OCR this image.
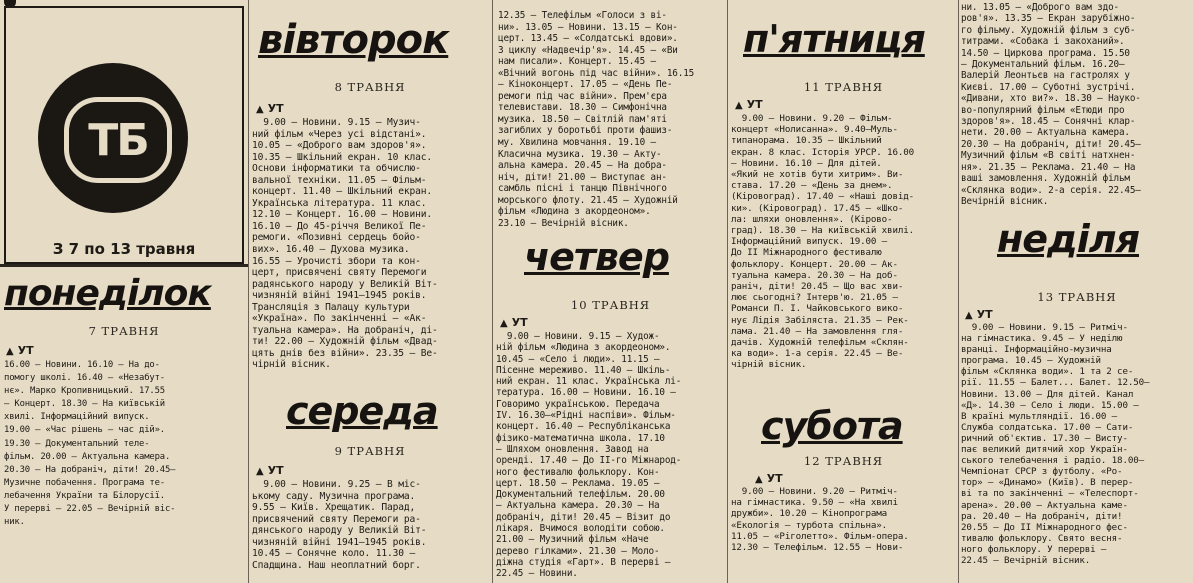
ТБ
З 7 по 13 травня
понеділок
7 ТРАВНЯ
▲ УТ
16.00 — Новини. 16.10 — На до-
помогу школі. 16.40 — «Незабут-
нє». Марко Кропивницький. 17.55
— Концерт. 18.30 — На київській
хвилі. Інформаційний випуск.
19.00 — «Час рішень — час дій».
19.30 — Документальний теле-
фільм. 20.00 — Актуальна камера.
20.30 — На добраніч, діти! 20.45—
Музичне побачення. Програма те-
лебачення України та Білорусії.
У перерві — 22.05 — Вечірній віс-
ник.
вівторок
8 ТРАВНЯ
▲ УТ
9.00 — Новини. 9.15 — Музич-
ний фільм «Через усі відстані».
10.05 — «Доброго вам здоров'я».
10.35 — Шкільний екран. 10 клас.
Основи інформатики та обчислю-
вальної техніки. 11.05 — Фільм-
концерт. 11.40 — Шкільний екран.
Українська література. 11 клас.
12.10 — Концерт. 16.00 — Новини.
16.10 — До 45-річчя Великої Пе-
ремоги. «Позивні сердець бойо-
вих». 16.40 — Духова музика.
16.55 — Урочисті збори та кон-
церт, присвячені святу Перемоги
радянського народу у Великій Віт-
чизняній війні 1941—1945 років.
Трансляція з Палацу культури
«Україна». По закінченні — «Ак-
туальна камера». На добраніч, ді-
ти! 22.00 — Художній фільм «Двад-
цять днів без війни». 23.35 — Ве-
чірній вісник.
середа
9 ТРАВНЯ
▲ УТ
9.00 — Новини. 9.25 — В міс-
ькому саду. Музична програма.
9.55 — Київ. Хрещатик. Парад,
присвячений святу Перемоги ра-
дянського народу у Великій Віт-
чизняній війні 1941—1945 років.
10.45 — Сонячне коло. 11.30 —
Спадщина. Наш неоплатний борг.
12.35 — Телефільм «Голоси з ві-
ни». 13.05 — Новини. 13.15 — Кон-
церт. 13.45 — «Солдатські вдови».
З циклу «Надвечір'я». 14.45 — «Ви
нам писали». Концерт. 15.45 —
«Вічний вогонь під час війни». 16.15
— Кіноконцерт. 17.05 — «День Пе-
ремоги під час війни». Прем'єра
телевистави. 18.30 — Симфонічна
музика. 18.50 — Світлій пам'яті
загиблих у боротьбі проти фашиз-
му. Хвилина мовчання. 19.10 —
Класична музика. 19.30 — Акту-
альна камера. 20.45 — На добра-
ніч, діти! 21.00 — Виступає ан-
самбль пісні і танцю Північного
морського флоту. 21.45 — Художній
фільм «Людина з акордеоном».
23.10 — Вечірній вісник.
четвер
10 ТРАВНЯ
▲ УТ
9.00 — Новини. 9.15 — Худож-
ній фільм «Людина з акордеоном».
10.45 — «Село і люди». 11.15 —
Пісенне мереживо. 11.40 — Шкіль-
ний екран. 11 клас. Українська лі-
тература. 16.00 — Новини. 16.10 —
Говоримо українською. Передача
IV. 16.30—«Рідні наспіви». Фільм-
концерт. 16.40 — Республіканська
фізико-математична школа. 17.10
— Шляхом оновлення. Завод на
оренді. 17.40 — До ІІ-го Міжнарод-
ного фестивалю фольклору. Кон-
церт. 18.50 — Реклама. 19.05 —
Документальний телефільм. 20.00
— Актуальна камера. 20.30 — На
добраніч, діти! 20.45 — Візит до
лікаря. Вчимося володіти собою.
21.00 — Музичний фільм «Наче
дерево гілками». 21.30 — Моло-
діжна студія «Гарт». В перерві —
22.45 — Новини.
п'ятниця
11 ТРАВНЯ
▲ УТ
9.00 — Новини. 9.20 — Фільм-
концерт «Нолисанна». 9.40—Муль-
типанорама. 10.35 — Шкільний
екран. 8 клас. Історія УРСР. 16.00
— Новини. 16.10 — Для дітей.
«Який не хотів бути хитрим». Ви-
става. 17.20 — «День за днем».
(Кіровоград). 17.40 — «Наші довід-
ки». (Кіровоград). 17.45 — «Шко-
ла: шляхи оновлення». (Кірово-
град). 18.30 — На київській хвилі.
Інформаційний випуск. 19.00 —
До ІІ Міжнародного фестивалю
фольклору. Концерт. 20.00 — Ак-
туальна камера. 20.30 — На доб-
раніч, діти! 20.45 — Що вас хви-
лює сьогодні? Інтерв'ю. 21.05 —
Романси П. І. Чайковського вико-
нує Лідія Забіляста. 21.35 — Рек-
лама. 21.40 — На замовлення гля-
дачів. Художній телефільм «Склян-
ка води». 1-а серія. 22.45 — Ве-
чірній вісник.
субота
12 ТРАВНЯ
▲ УТ
9.00 — Новини. 9.20 — Ритміч-
на гімнастика. 9.50 — «На хвилі
дружби». 10.20 — Кінопрограма
«Екологія — турбота спільна».
11.05 — «Ріголетто». Фільм-опера.
12.30 — Телефільм. 12.55 — Нови-
ни. 13.05 — «Доброго вам здо-
ров'я». 13.35 — Екран зарубіжно-
го фільму. Художній фільм з суб-
титрами. «Собака і закоханий».
14.50 — Циркова програма. 15.50
— Документальний фільм. 16.20—
Валерій Леонтьєв на гастролях у
Києві. 17.00 — Суботні зустрічі.
«Дивани, хто ви?». 18.30 — Науко-
во-популярний фільм «Етюди про
здоров'я». 18.45 — Сонячні клар-
нети. 20.00 — Актуальна камера.
20.30 — На добраніч, діти! 20.45—
Музичний фільм «В світі натхнен-
ня». 21.35 — Реклама. 21.40 — На
ваші замовлення. Художній фільм
«Склянка води». 2-а серія. 22.45—
Вечірній вісник.
неділя
13 ТРАВНЯ
▲ УТ
9.00 — Новини. 9.15 — Ритміч-
на гімнастика. 9.45 — У неділю
вранці. Інформаційно-музична
програма. 10.45 — Художній
фільм «Склянка води». 1 та 2 се-
рії. 11.55 — Балет... Балет. 12.50—
Новини. 13.00 — Для дітей. Канал
«Д». 14.30 — Село і люди. 15.00 —
В країні мультляндії. 16.00 —
Служба солдатська. 17.00 — Сати-
ричний об'єктив. 17.30 — Висту-
пає великий дитячий хор Україн-
ського телебачення і радіо. 18.00—
Чемпіонат СРСР з футболу. «Ро-
тор» — «Динамо» (Київ). В перер-
ві та по закінченні — «Телеспорт-
арена». 20.00 — Актуальна каме-
ра. 20.40 — На добраніч, діти!
20.55 — До ІІ Міжнародного фес-
тивалю фольклору. Свято весня-
ного фольклору. У перерві —
22.45 — Вечірній вісник.
